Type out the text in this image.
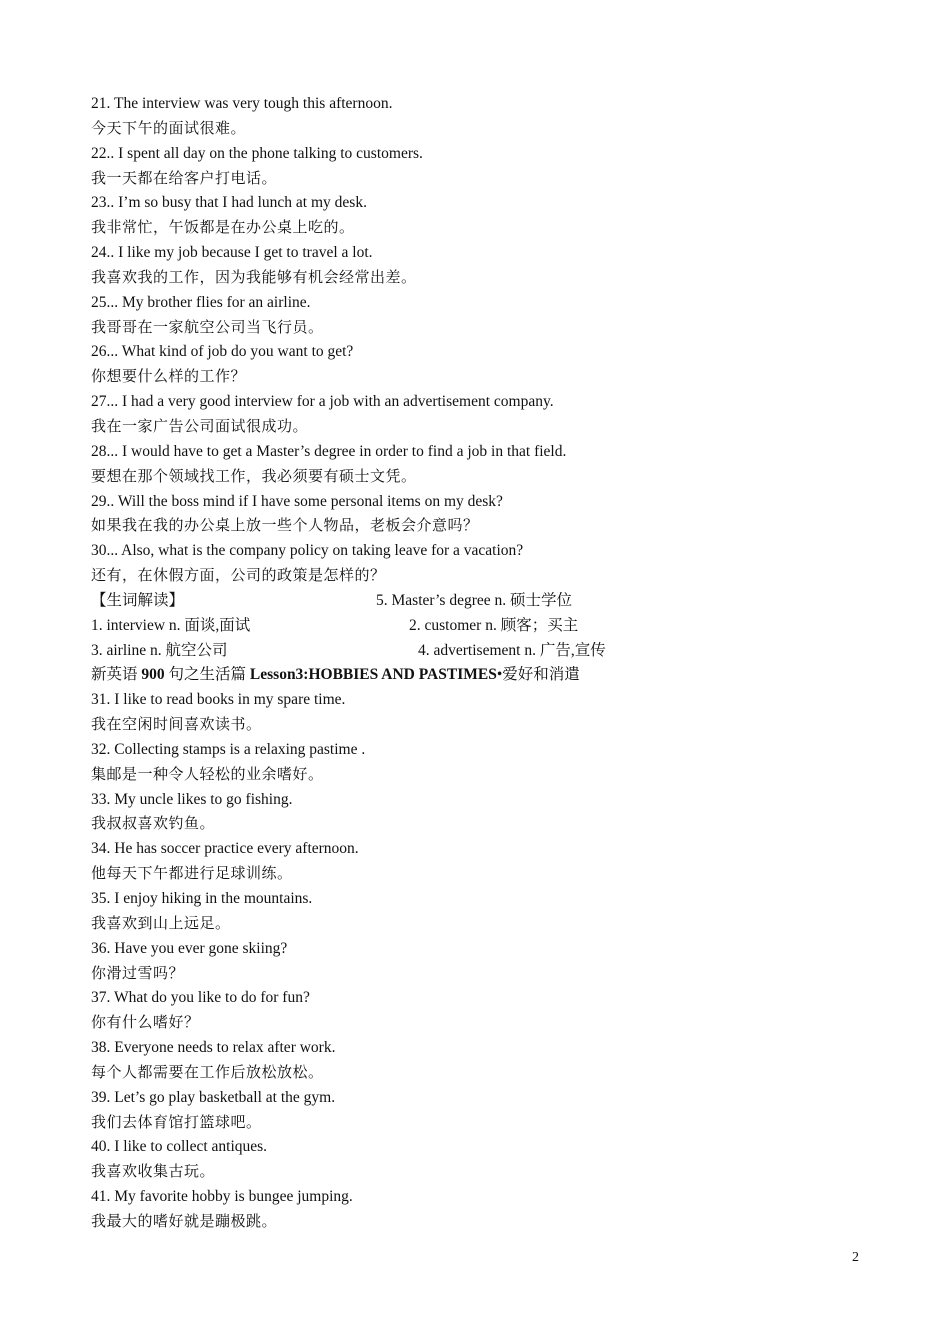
21. The interview was very tough this afternoon.
今天下午的面试很难。
22.. I spent all day on the phone talking to customers.
我一天都在给客户打电话。
23.. I’m so busy that I had lunch at my desk.
我非常忙，午饭都是在办公桌上吃的。
24.. I like my job because I get to travel a lot.
我喜欢我的工作，因为我能够有机会经常出差。
25... My brother flies for an airline.
我哥哥在一家航空公司当飞行员。
26... What kind of job do you want to get?
你想要什么样的工作？
27... I had a very good interview for a job with an advertisement company.
我在一家广告公司面试很成功。
28... I would have to get a Master’s degree in order to find a job in that field.
要想在那个领域找工作，我必须要有硕士文凭。
29.. Will the boss mind if I have some personal items on my desk?
如果我在我的办公桌上放一些个人物品，老板会介意吗？
30... Also, what is the company policy on taking leave for a vacation?
还有，在休假方面，公司的政策是怎样的？
【生词解读】	5. Master’s degree n. 硕士学位
1. interview n. 面谈,面试	2. customer n. 顾客；买主
3. airline n. 航空公司	4. advertisement n. 广告,宣传
新英语 900 句之生活篇 Lesson3:HOBBIES AND PASTIMES•爱好和消遣
31. I like to read books in my spare time.
我在空闲时间喜欢读书。
32. Collecting stamps is a relaxing pastime .
集邮是一种令人轻松的业余嗜好。
33. My uncle likes to go fishing.
我叔叔喜欢钓鱼。
34. He has soccer practice every afternoon.
他每天下午都进行足球训练。
35. I enjoy hiking in the mountains.
我喜欢到山上远足。
36. Have you ever gone skiing?
你滑过雪吗？
37. What do you like to do for fun?
你有什么嗜好？
38. Everyone needs to relax after work.
每个人都需要在工作后放松放松。
39. Let’s go play basketball at the gym.
我们去体育馆打篮球吧。
40. I like to collect antiques.
我喜欢收集古玩。
41. My favorite hobby is bungee jumping.
我最大的嗜好就是蹦极跳。
2
